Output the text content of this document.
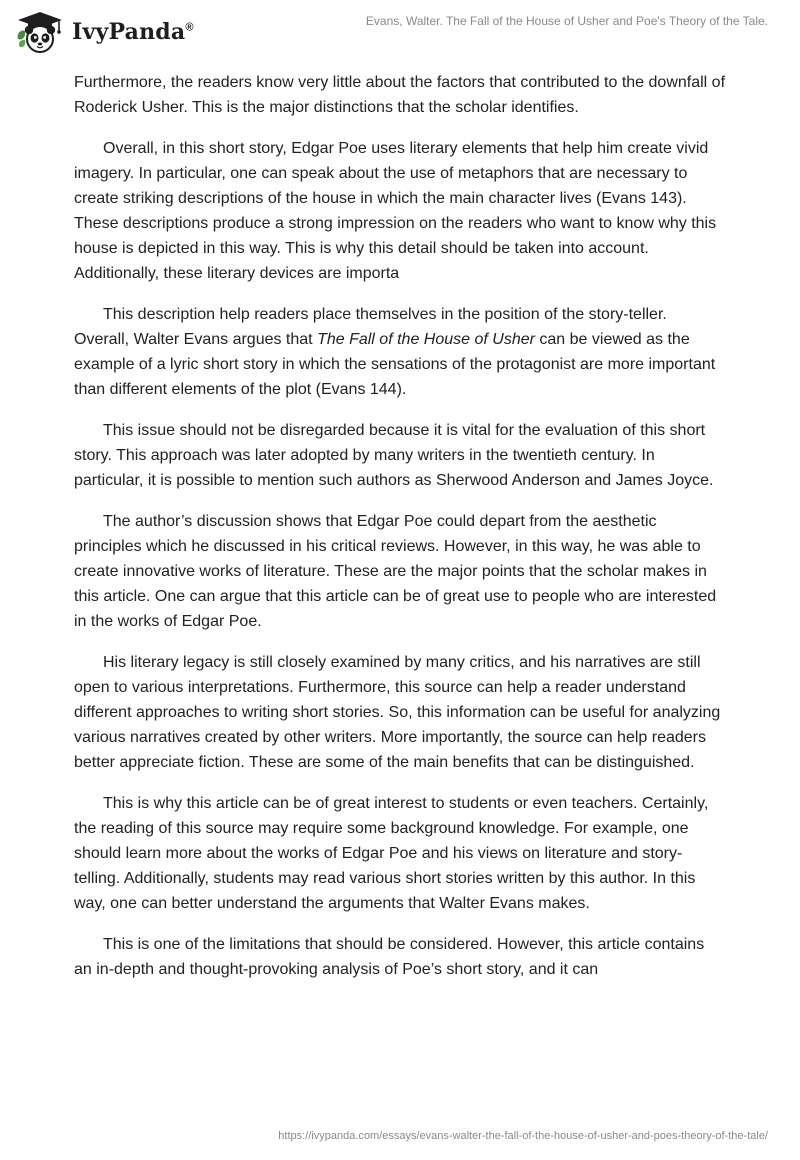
IvyPanda®	Evans, Walter. The Fall of the House of Usher and Poe's Theory of the Tale.

Furthermore, the readers know very little about the factors that contributed to the downfall of Roderick Usher. This is the major distinctions that the scholar identifies.

Overall, in this short story, Edgar Poe uses literary elements that help him create vivid imagery. In particular, one can speak about the use of metaphors that are necessary to create striking descriptions of the house in which the main character lives (Evans 143). These descriptions produce a strong impression on the readers who want to know why this house is depicted in this way. This is why this detail should be taken into account. Additionally, these literary devices are importa

This description help readers place themselves in the position of the story-teller. Overall, Walter Evans argues that The Fall of the House of Usher can be viewed as the example of a lyric short story in which the sensations of the protagonist are more important than different elements of the plot (Evans 144).

This issue should not be disregarded because it is vital for the evaluation of this short story. This approach was later adopted by many writers in the twentieth century. In particular, it is possible to mention such authors as Sherwood Anderson and James Joyce.

The author’s discussion shows that Edgar Poe could depart from the aesthetic principles which he discussed in his critical reviews. However, in this way, he was able to create innovative works of literature. These are the major points that the scholar makes in this article. One can argue that this article can be of great use to people who are interested in the works of Edgar Poe.

His literary legacy is still closely examined by many critics, and his narratives are still open to various interpretations. Furthermore, this source can help a reader understand different approaches to writing short stories. So, this information can be useful for analyzing various narratives created by other writers. More importantly, the source can help readers better appreciate fiction. These are some of the main benefits that can be distinguished.

This is why this article can be of great interest to students or even teachers. Certainly, the reading of this source may require some background knowledge. For example, one should learn more about the works of Edgar Poe and his views on literature and story-telling. Additionally, students may read various short stories written by this author. In this way, one can better understand the arguments that Walter Evans makes.

This is one of the limitations that should be considered. However, this article contains an in-depth and thought-provoking analysis of Poe’s short story, and it can

https://ivypanda.com/essays/evans-walter-the-fall-of-the-house-of-usher-and-poes-theory-of-the-tale/
